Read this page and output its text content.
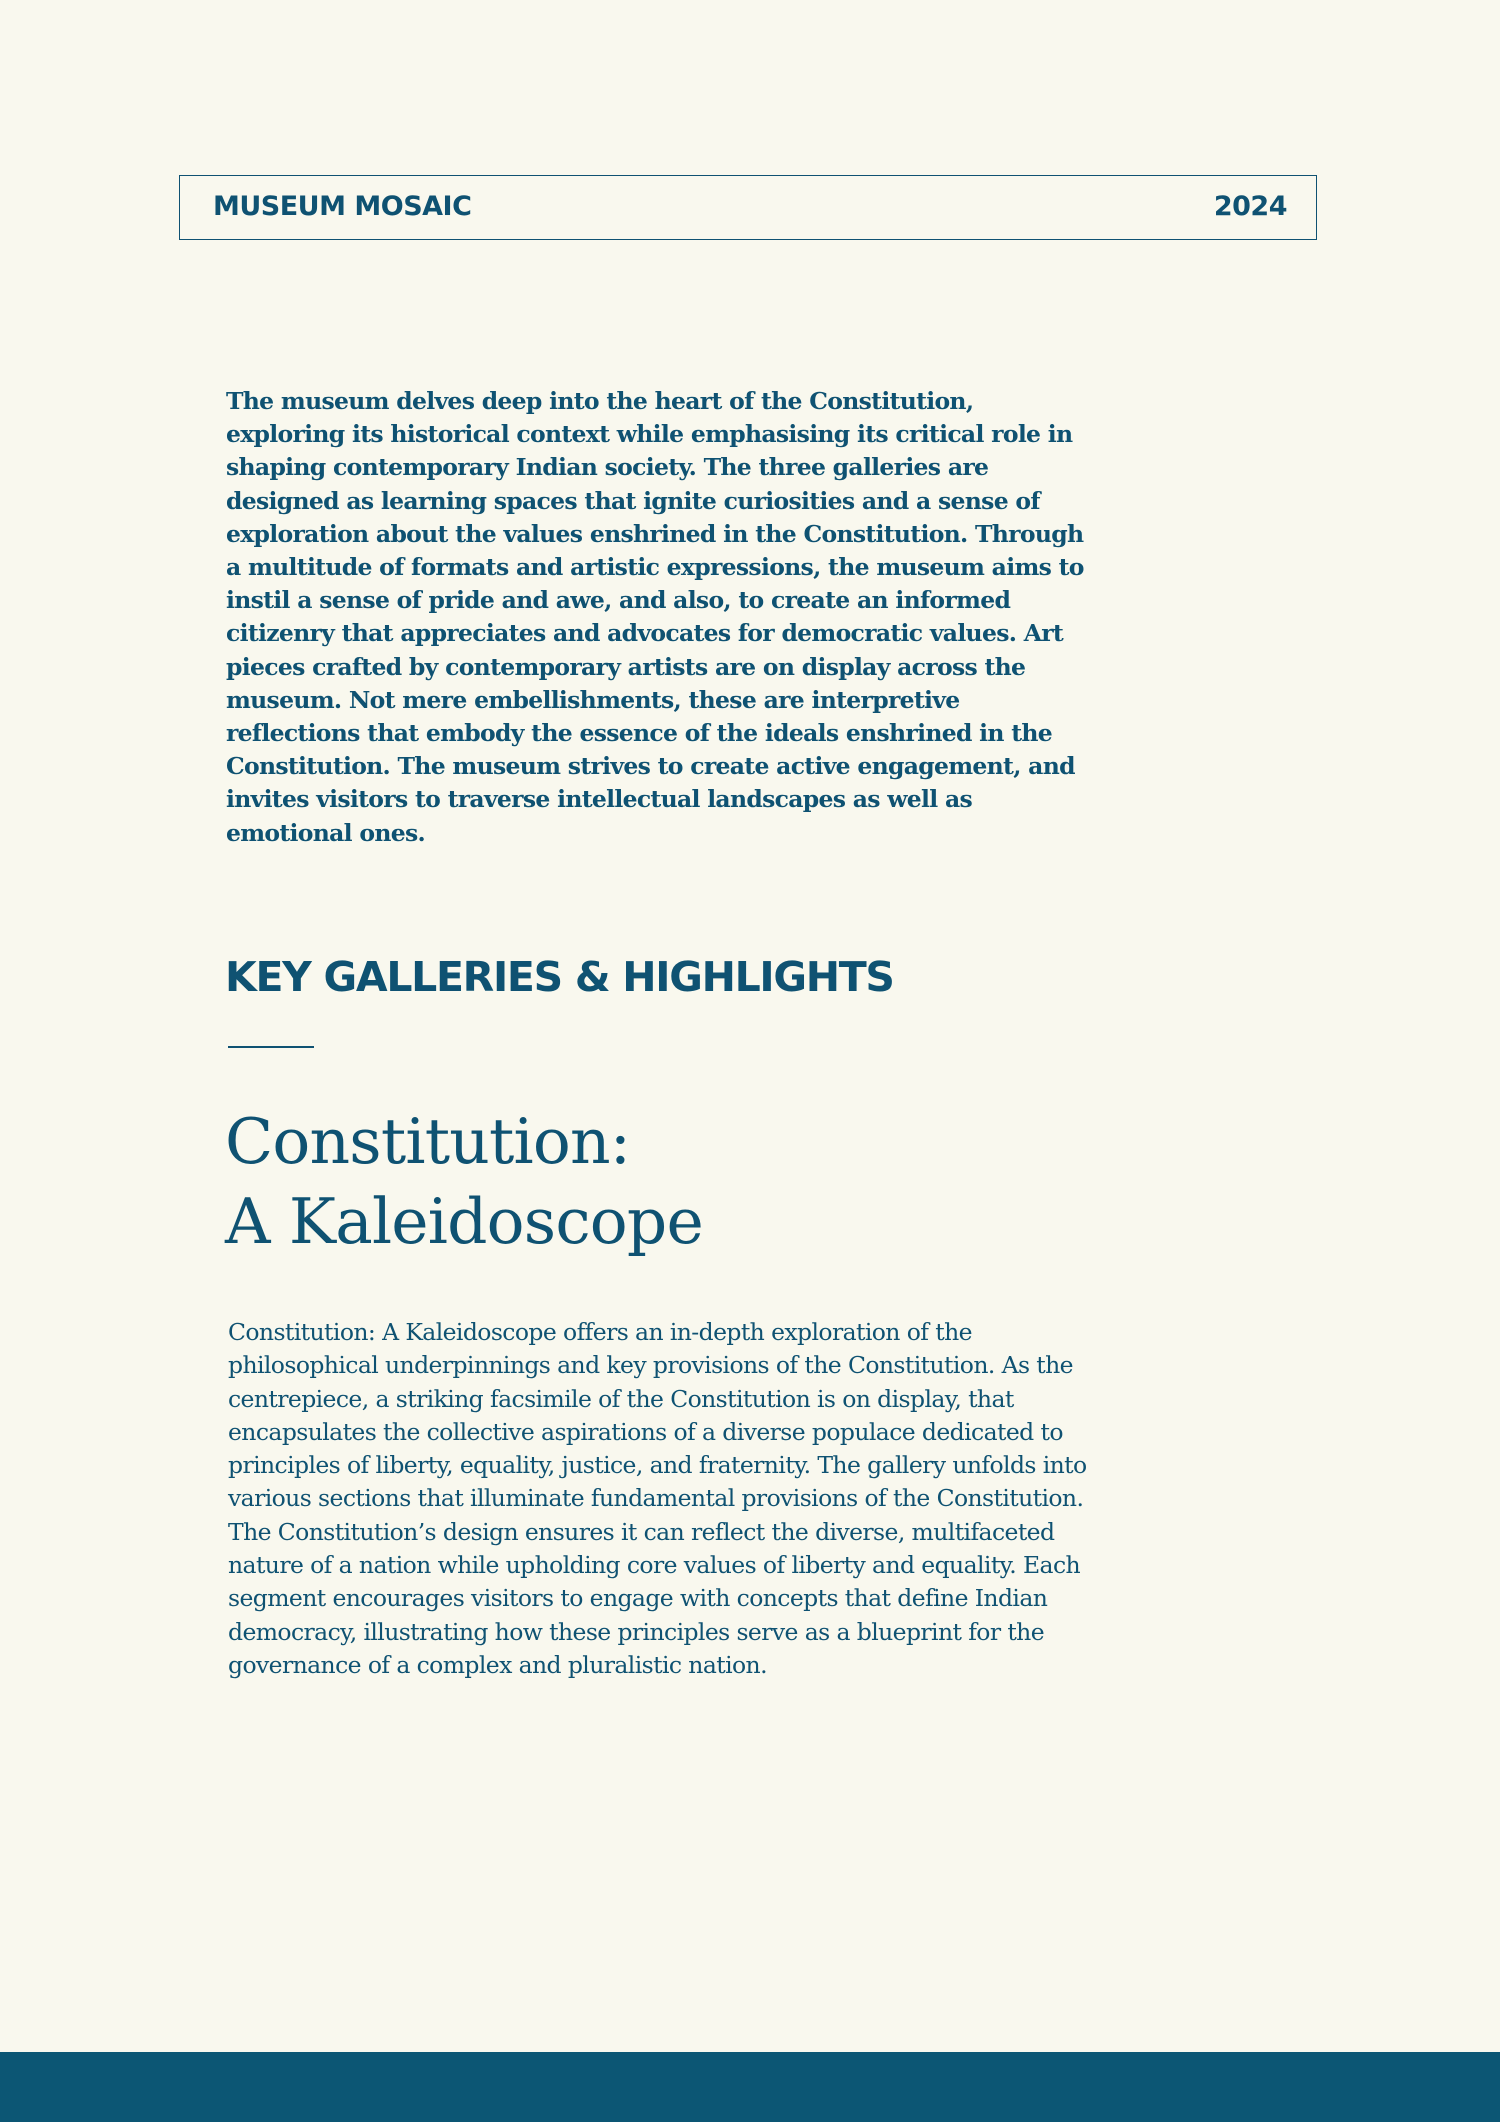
MUSEUM MOSAIC	2024

The museum delves deep into the heart of the Constitution, exploring its historical context while emphasising its critical role in shaping contemporary Indian society. The three galleries are designed as learning spaces that ignite curiosities and a sense of exploration about the values enshrined in the Constitution. Through a multitude of formats and artistic expressions, the museum aims to instil a sense of pride and awe, and also, to create an informed citizenry that appreciates and advocates for democratic values. Art pieces crafted by contemporary artists are on display across the museum. Not mere embellishments, these are interpretive reflections that embody the essence of the ideals enshrined in the Constitution. The museum strives to create active engagement, and invites visitors to traverse intellectual landscapes as well as emotional ones.

KEY GALLERIES & HIGHLIGHTS
Constitution:
A Kaleidoscope

Constitution: A Kaleidoscope offers an in-depth exploration of the philosophical underpinnings and key provisions of the Constitution. As the centrepiece, a striking facsimile of the Constitution is on display, that encapsulates the collective aspirations of a diverse populace dedicated to principles of liberty, equality, justice, and fraternity. The gallery unfolds into various sections that illuminate fundamental provisions of the Constitution. The Constitution’s design ensures it can reflect the diverse, multifaceted nature of a nation while upholding core values of liberty and equality. Each segment encourages visitors to engage with concepts that define Indian democracy, illustrating how these principles serve as a blueprint for the governance of a complex and pluralistic nation.
